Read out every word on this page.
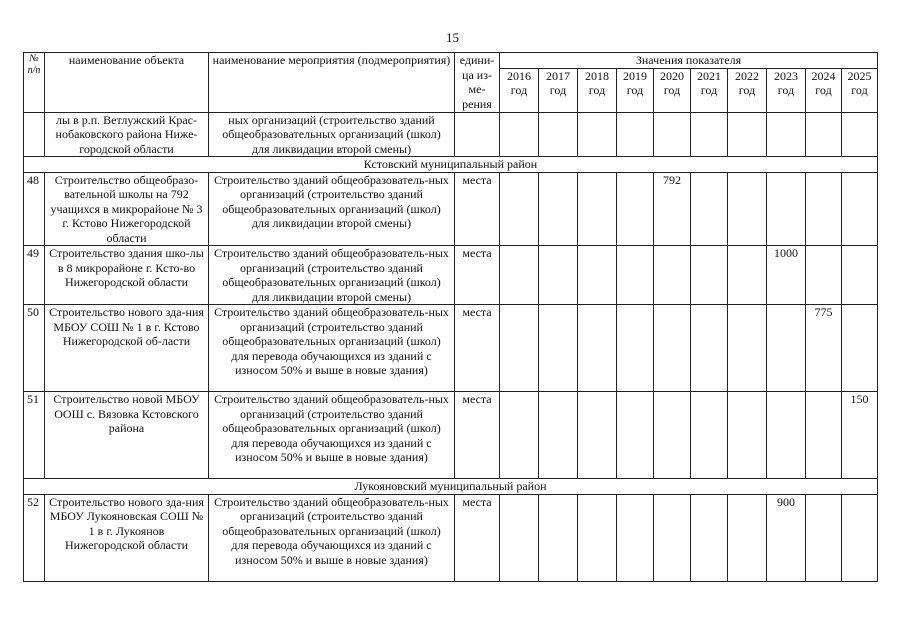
15
№ п/п	наименование объекта	наименование мероприятия (подмероприятия)	едини-ца из-ме-рения	Значения показателя									
				2016 год	2017 год	2018 год	2019 год	2020 год	2021 год	2022 год	2023 год	2024 год	2025 год
	лы в р.п. Ветлужский Крас-нобаковского района Ниже-городской области	ных организаций (строительство зданий общеобразовательных организаций (школ) для ликвидации второй смены)											
Кстовский муниципальный район													
48	Строительство общеобразо-вательной школы на 792 учащихся в микрорайоне № 3 г. Кстово Нижегородской области	Строительство зданий общеобразователь-ных организаций (строительство зданий общеобразовательных организаций (школ) для ликвидации второй смены)	места					792					
49	Строительство здания шко-лы в 8 микрорайоне г. Ксто-во Нижегородской области	Строительство зданий общеобразователь-ных организаций (строительство зданий общеобразовательных организаций (школ) для ликвидации второй смены)	места								1000		
50	Строительство нового зда-ния МБОУ СОШ № 1 в г. Кстово Нижегородской об-ласти	Строительство зданий общеобразователь-ных организаций (строительство зданий общеобразовательных организаций (школ) для перевода обучающихся из зданий с износом 50% и выше в новые здания)	места									775	
51	Строительство новой МБОУ ООШ с. Вязовка Кстовского района	Строительство зданий общеобразователь-ных организаций (строительство зданий общеобразовательных организаций (школ) для перевода обучающихся из зданий с износом 50% и выше в новые здания)	места										150
Лукояновский муниципальный район													
52	Строительство нового зда-ния МБОУ Лукояновская СОШ № 1 в г. Лукоянов Нижегородской области	Строительство зданий общеобразователь-ных организаций (строительство зданий общеобразовательных организаций (школ) для перевода обучающихся из зданий с износом 50% и выше в новые здания)	места								900		
